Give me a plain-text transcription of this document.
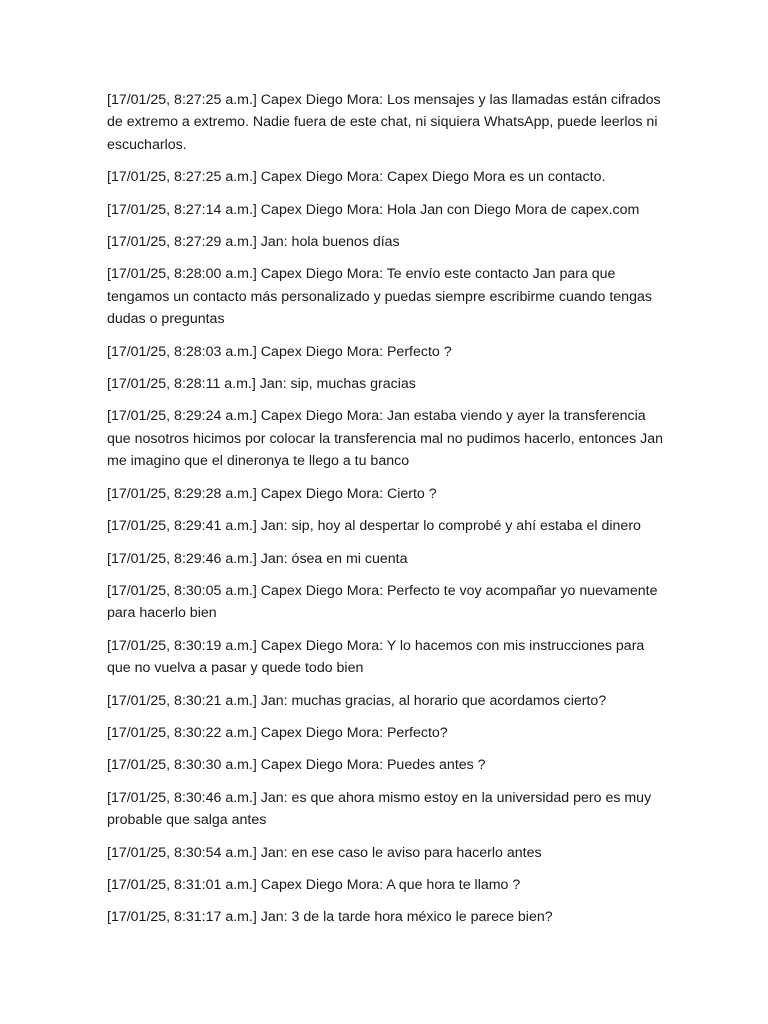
[17/01/25, 8:27:25 a.m.] Capex Diego Mora: Los mensajes y las llamadas están cifrados de extremo a extremo. Nadie fuera de este chat, ni siquiera WhatsApp, puede leerlos ni escucharlos.

[17/01/25, 8:27:25 a.m.] Capex Diego Mora: Capex Diego Mora es un contacto.

[17/01/25, 8:27:14 a.m.] Capex Diego Mora: Hola Jan con Diego Mora de capex.com

[17/01/25, 8:27:29 a.m.] Jan: hola buenos días

[17/01/25, 8:28:00 a.m.] Capex Diego Mora: Te envío este contacto Jan para que tengamos un contacto más personalizado y puedas siempre escribirme cuando tengas dudas o preguntas

[17/01/25, 8:28:03 a.m.] Capex Diego Mora: Perfecto ?

[17/01/25, 8:28:11 a.m.] Jan: sip, muchas gracias

[17/01/25, 8:29:24 a.m.] Capex Diego Mora: Jan estaba viendo y ayer la transferencia que nosotros hicimos por colocar la transferencia mal no pudimos hacerlo, entonces Jan me imagino que el dineronya te llego a tu banco

[17/01/25, 8:29:28 a.m.] Capex Diego Mora: Cierto ?

[17/01/25, 8:29:41 a.m.] Jan: sip, hoy al despertar lo comprobé y ahí estaba el dinero

[17/01/25, 8:29:46 a.m.] Jan: ósea en mi cuenta

[17/01/25, 8:30:05 a.m.] Capex Diego Mora: Perfecto te voy acompañar yo nuevamente para hacerlo bien

[17/01/25, 8:30:19 a.m.] Capex Diego Mora: Y lo hacemos con mis instrucciones para que no vuelva a pasar y quede todo bien

[17/01/25, 8:30:21 a.m.] Jan: muchas gracias, al horario que acordamos cierto?

[17/01/25, 8:30:22 a.m.] Capex Diego Mora: Perfecto?

[17/01/25, 8:30:30 a.m.] Capex Diego Mora: Puedes antes ?

[17/01/25, 8:30:46 a.m.] Jan: es que ahora mismo estoy en la universidad pero es muy probable que salga antes

[17/01/25, 8:30:54 a.m.] Jan: en ese caso le aviso para hacerlo antes

[17/01/25, 8:31:01 a.m.] Capex Diego Mora: A que hora te llamo ?

[17/01/25, 8:31:17 a.m.] Jan: 3 de la tarde hora méxico le parece bien?
